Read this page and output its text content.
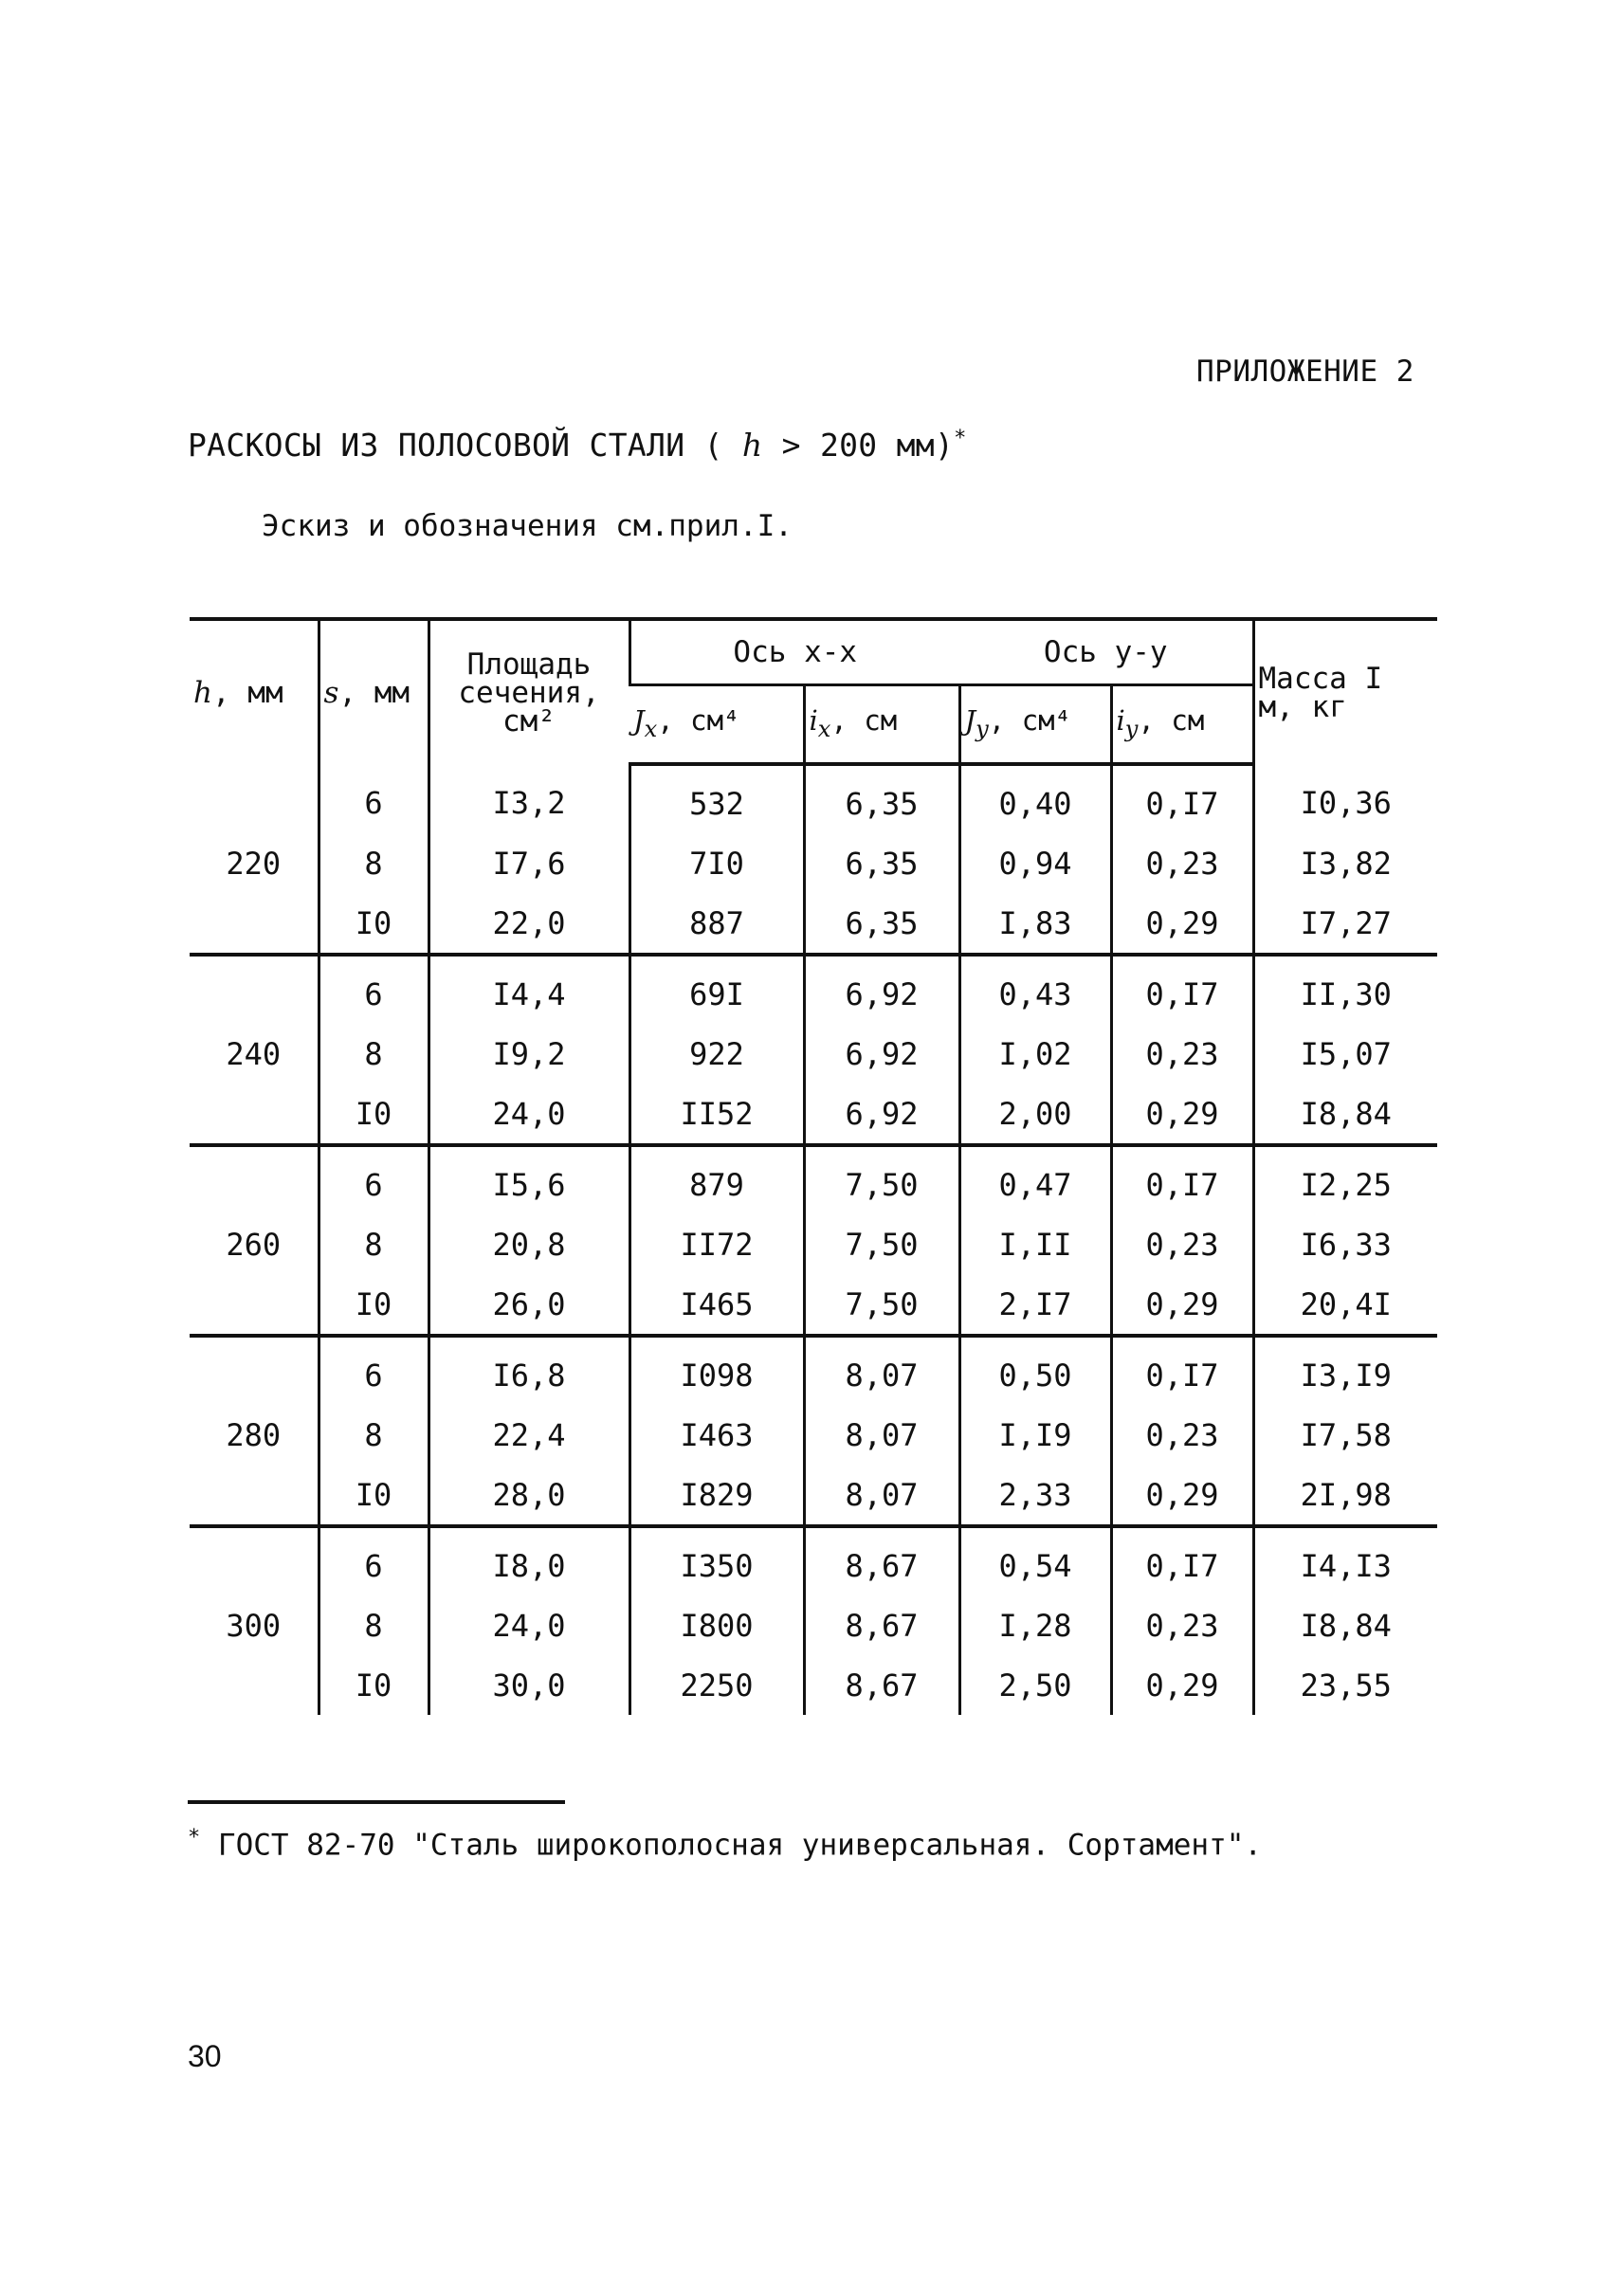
ПРИЛОЖЕНИЕ 2
РАСКОСЫ ИЗ ПОЛОСОВОЙ СТАЛИ ( h > 200 мм)*
Эскиз и обозначения см.прил.I.
h, мм	s, мм	Площадь сечения, см²	Ось x-x		Ось y-y		Масса I м, кг
			$J_x$, см⁴	$i_x$, см	$J_y$, см⁴	$i_y$, см	
	6	I3,2	532	6,35	0,40	0,I7	I0,36
220	8	I7,6	7I0	6,35	0,94	0,23	I3,82
	I0	22,0	887	6,35	I,83	0,29	I7,27
	6	I4,4	69I	6,92	0,43	0,I7	II,30
240	8	I9,2	922	6,92	I,02	0,23	I5,07
	I0	24,0	II52	6,92	2,00	0,29	I8,84
	6	I5,6	879	7,50	0,47	0,I7	I2,25
260	8	20,8	II72	7,50	I,II	0,23	I6,33
	I0	26,0	I465	7,50	2,I7	0,29	20,4I
	6	I6,8	I098	8,07	0,50	0,I7	I3,I9
280	8	22,4	I463	8,07	I,I9	0,23	I7,58
	I0	28,0	I829	8,07	2,33	0,29	2I,98
	6	I8,0	I350	8,67	0,54	0,I7	I4,I3
300	8	24,0	I800	8,67	I,28	0,23	I8,84
	I0	30,0	2250	8,67	2,50	0,29	23,55
* ГОСТ 82-70 "Сталь широкополосная универсальная. Сортамент".
30
